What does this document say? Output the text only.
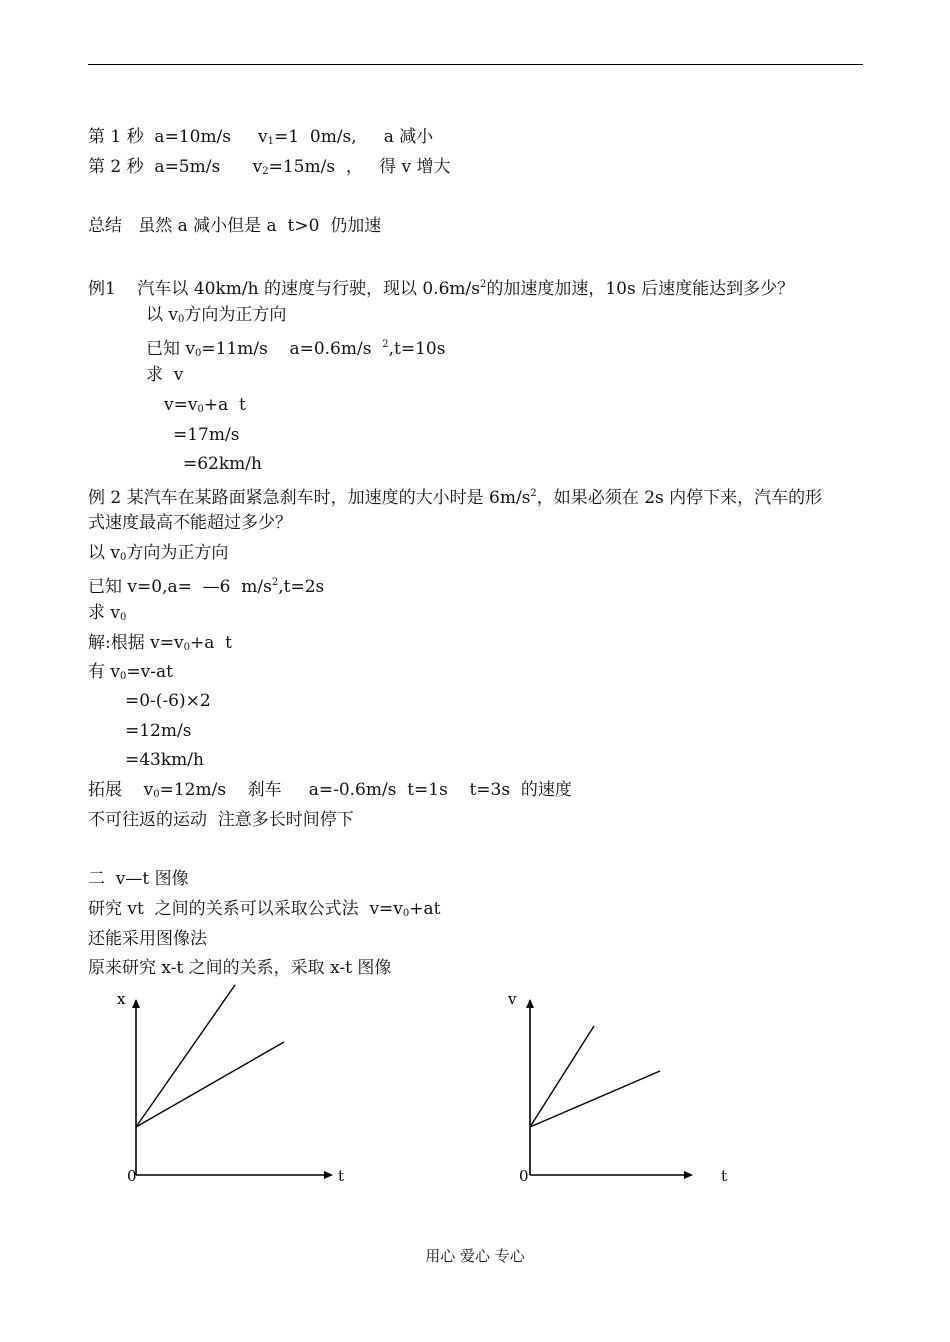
第 1 秒  a=10m/s     $v_1=1$  0m/s,     a 减小
第 2 秒  a=5m/s      $v_2=15m/s$  ，   得 v 增大
总结   虽然 a 减小但是 a  t>0  仍加速
例1    汽车以 40km/h 的速度与行驶，现以 $0.6m/s^2$的加速度加速，10s 后速度能达到多少？
以 $v_0$方向为正方向
已知 $v_0=11m/s$    a=0.6m/s  $^2$,t=10s
求  v
$v=v_0+a$  t
=17m/s
=62km/h
例 2 某汽车在某路面紧急刹车时，加速度的大小时是 $6m/s^2$，如果必须在 2s 内停下来，汽车的形
式速度最高不能超过多少？
以 $v_0$方向为正方向
已知 v=0,a=  —6  $m/s^2,t=2s$
求 $v_0$
解:根据 $v=v_0+a$  t
有 $v_0=v-at$
=0-(-6)×2
=12m/s
=43km/h
拓展    $v_0=12m/s$    刹车     a=-0.6m/s  t=1s    t=3s  的速度
不可往返的运动  注意多长时间停下
二  v—t 图像
研究 vt  之间的关系可以采取公式法  $v=v_0+at$
还能采用图像法
原来研究 x-t 之间的关系，采取 x-t 图像
x
t
0
v
t
0
用心 爱心 专心
